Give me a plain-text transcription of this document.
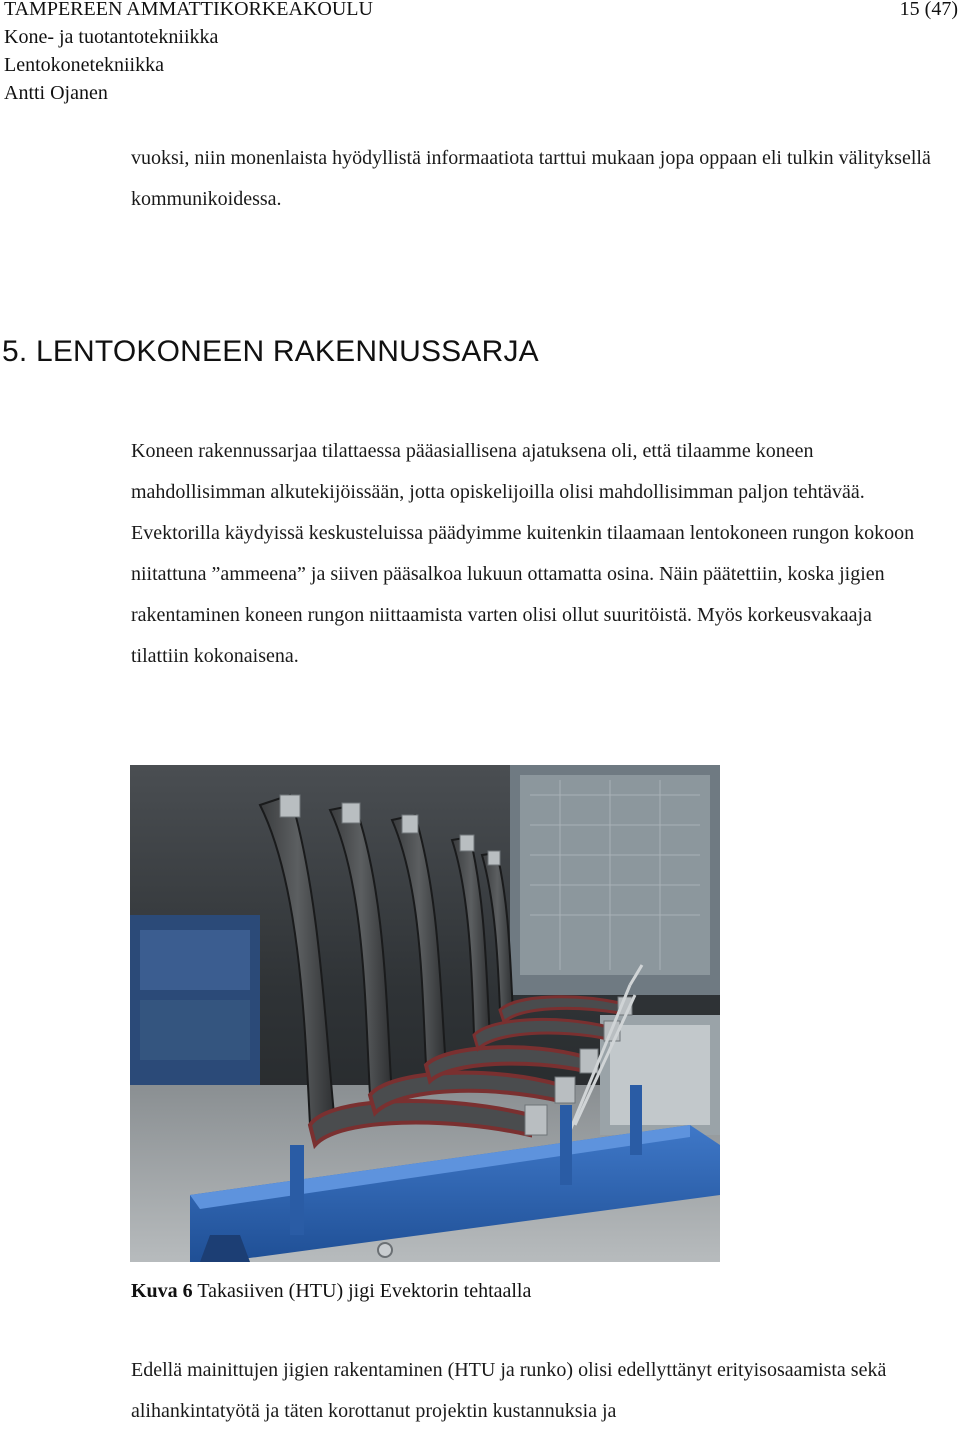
TAMPEREEN AMMATTIKORKEAKOULU	15 (47)
Kone- ja tuotantotekniikka
Lentokonetekniikka
Antti Ojanen

vuoksi, niin monenlaista hyödyllistä informaatiota tarttui mukaan jopa oppaan eli tulkin välityksellä kommunikoidessa.

5. LENTOKONEEN RAKENNUSSARJA

Koneen rakennussarjaa tilattaessa pääasiallisena ajatuksena oli, että tilaamme koneen mahdollisimman alkutekijöissään, jotta opiskelijoilla olisi mahdollisimman paljon tehtävää. Evektorilla käydyissä keskusteluissa päädyimme kuitenkin tilaamaan lentokoneen rungon kokoon niitattuna ”ammeena” ja siiven pääsalkoa lukuun ottamatta osina. Näin päätettiin, koska jigien rakentaminen koneen rungon niittaamista varten olisi ollut suuritöistä. Myös korkeusvakaaja tilattiin kokonaisena.

Kuva 6 Takasiiven (HTU) jigi Evektorin tehtaalla

Edellä mainittujen jigien rakentaminen (HTU ja runko) olisi edellyttänyt erityisosaamista sekä alihankintatyötä ja täten korottanut projektin kustannuksia ja
